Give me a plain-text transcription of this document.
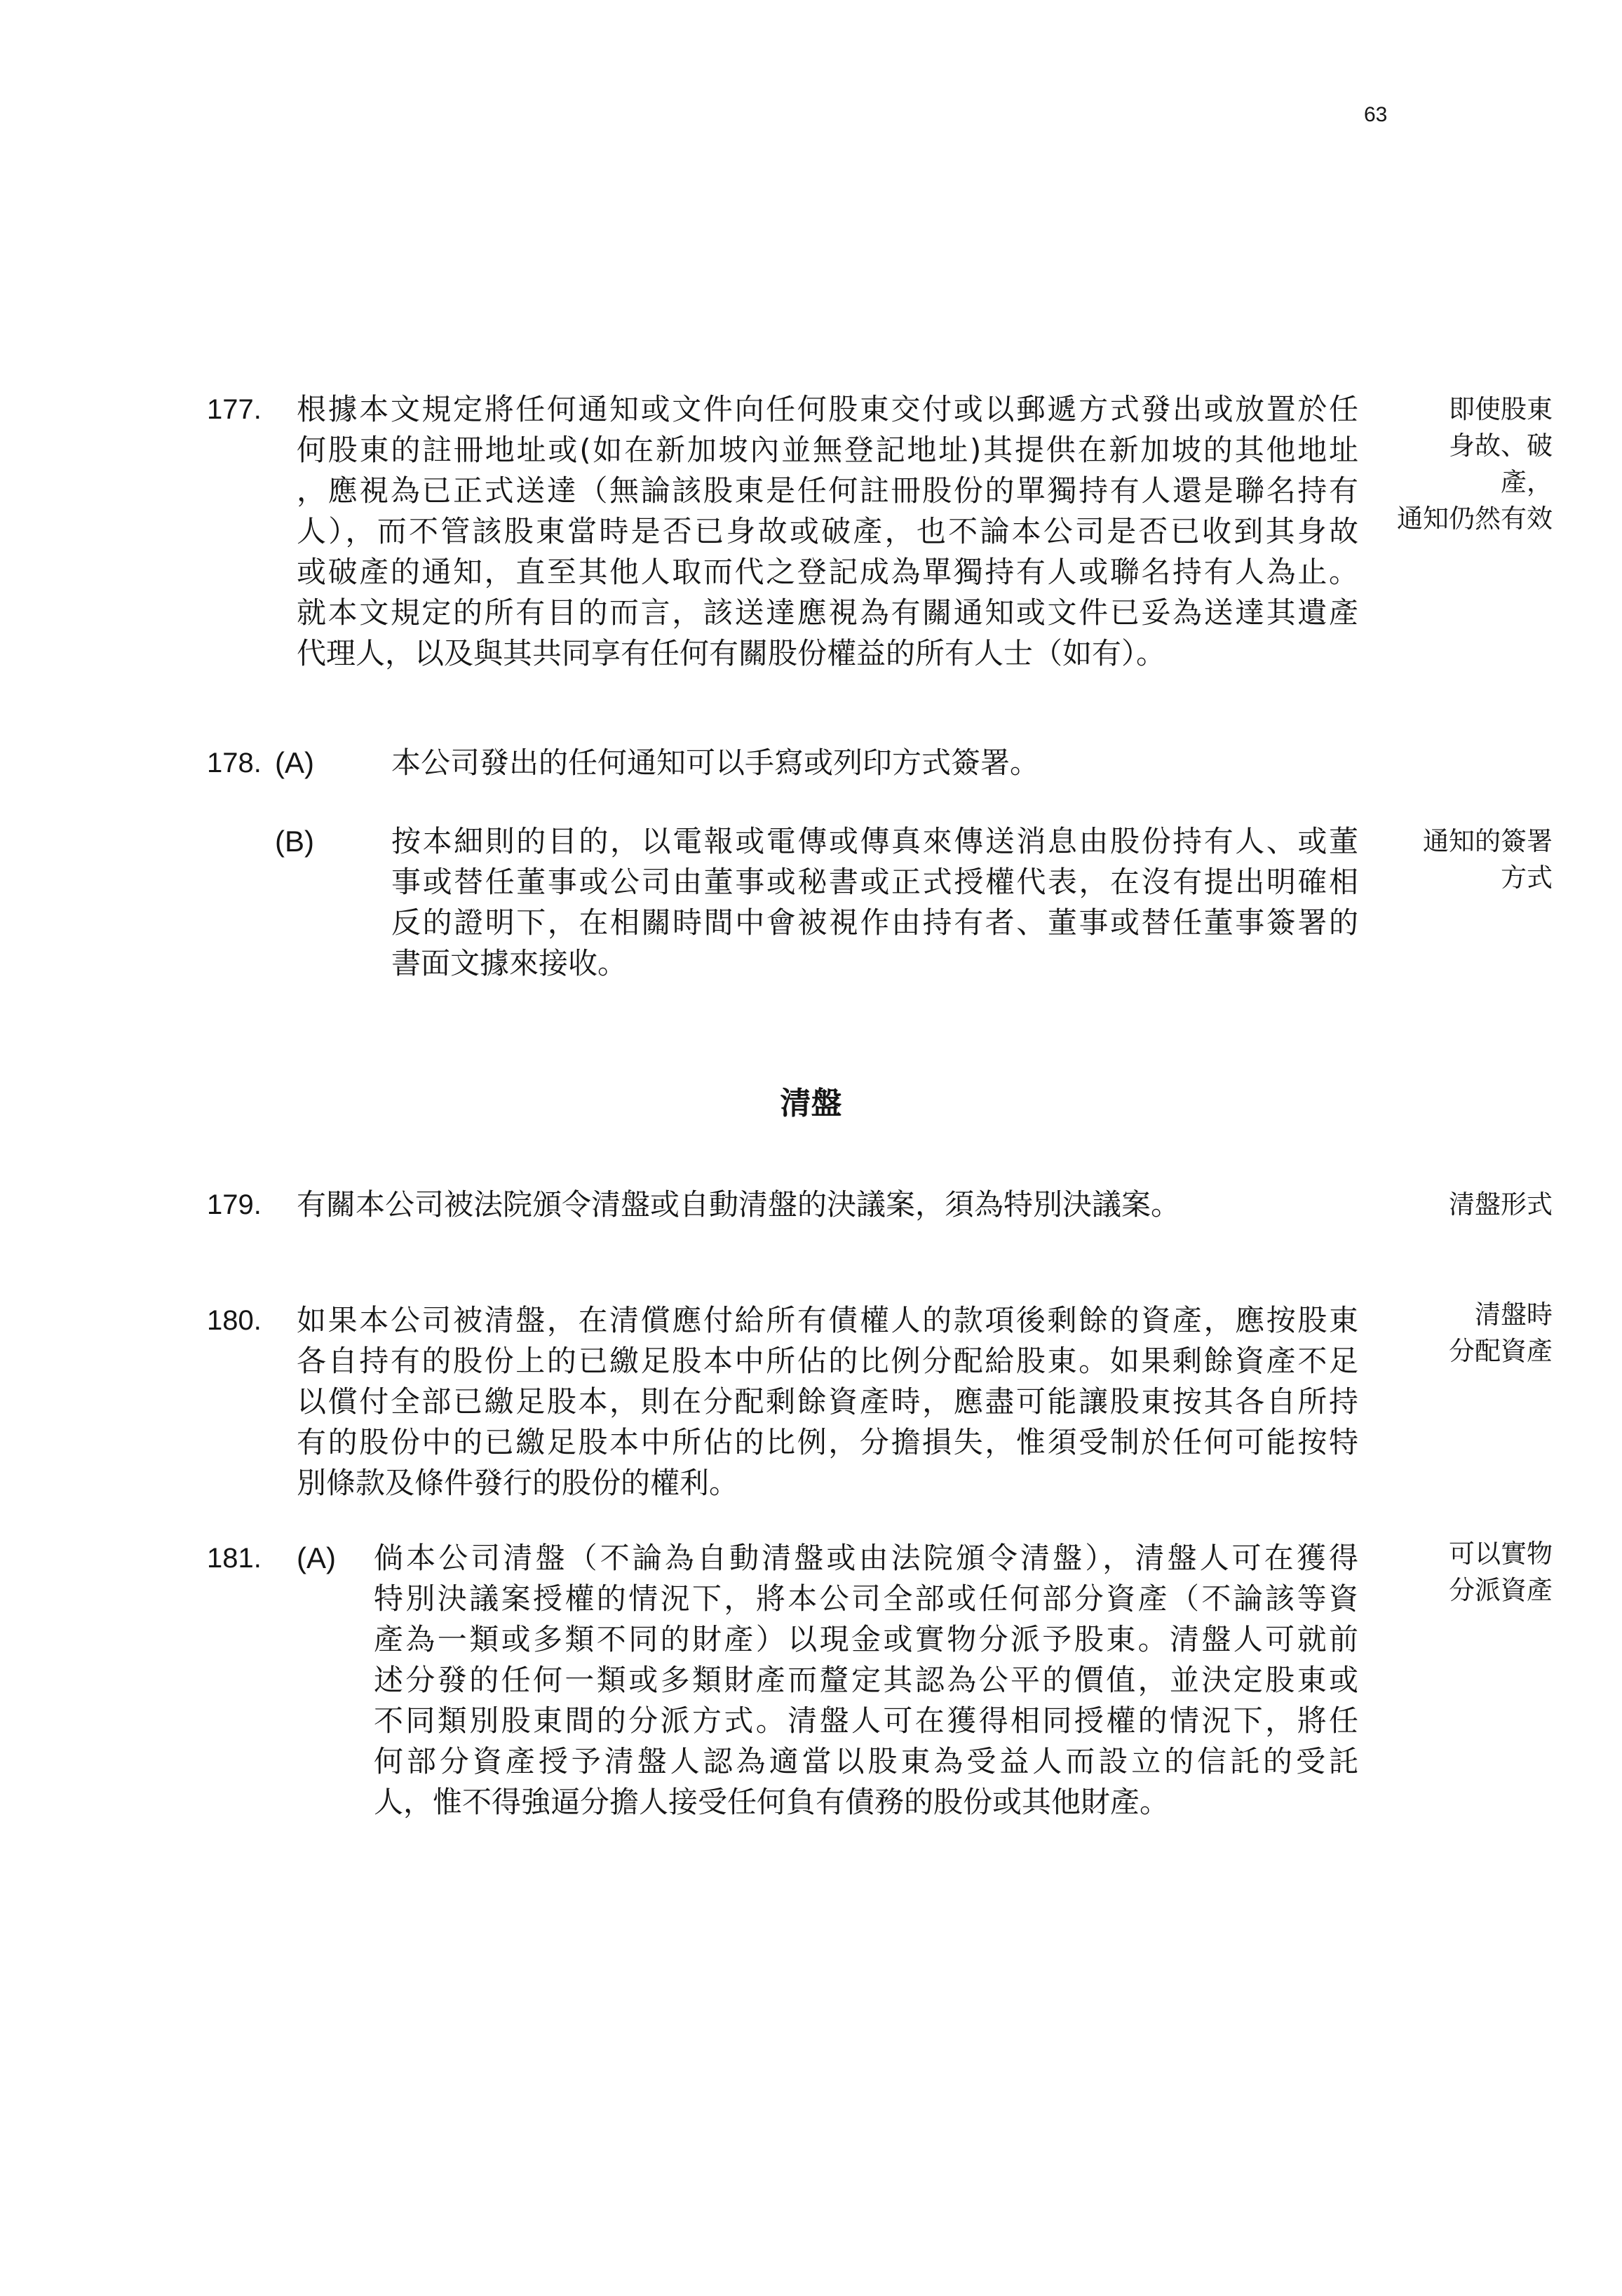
63
177. 根據本文規定將任何通知或文件向任何股東交付或以郵遞方式發出或放置於任
何股東的註冊地址或(如在新加坡內並無登記地址)其提供在新加坡的其他地址
，應視為已正式送達（無論該股東是任何註冊股份的單獨持有人還是聯名持有
人），而不管該股東當時是否已身故或破產，也不論本公司是否已收到其身故
或破產的通知，直至其他人取而代之登記成為單獨持有人或聯名持有人為止。
就本文規定的所有目的而言，該送達應視為有關通知或文件已妥為送達其遺產
代理人，以及與其共同享有任何有關股份權益的所有人士（如有）。
即使股東
身故、破
產，
通知仍然有效
178. (A)	本公司發出的任何通知可以手寫或列印方式簽署。
(B)	按本細則的目的，以電報或電傳或傳真來傳送消息由股份持有人、或董
事或替任董事或公司由董事或秘書或正式授權代表，在沒有提出明確相
反的證明下，在相關時間中會被視作由持有者、董事或替任董事簽署的
書面文據來接收。
通知的簽署
方式
清盤
179. 有關本公司被法院頒令清盤或自動清盤的決議案，須為特別決議案。	清盤形式
180. 如果本公司被清盤，在清償應付給所有債權人的款項後剩餘的資產，應按股東
各自持有的股份上的已繳足股本中所佔的比例分配給股東。如果剩餘資產不足
以償付全部已繳足股本，則在分配剩餘資產時，應盡可能讓股東按其各自所持
有的股份中的已繳足股本中所佔的比例，分擔損失，惟須受制於任何可能按特
別條款及條件發行的股份的權利。
清盤時
分配資產
181. (A) 倘本公司清盤（不論為自動清盤或由法院頒令清盤），清盤人可在獲得
特別決議案授權的情況下，將本公司全部或任何部分資產（不論該等資
產為一類或多類不同的財產）以現金或實物分派予股東。清盤人可就前
述分發的任何一類或多類財產而釐定其認為公平的價值，並決定股東或
不同類別股東間的分派方式。清盤人可在獲得相同授權的情況下，將任
何部分資產授予清盤人認為適當以股東為受益人而設立的信託的受託
人，惟不得強逼分擔人接受任何負有債務的股份或其他財產。
可以實物
分派資產
